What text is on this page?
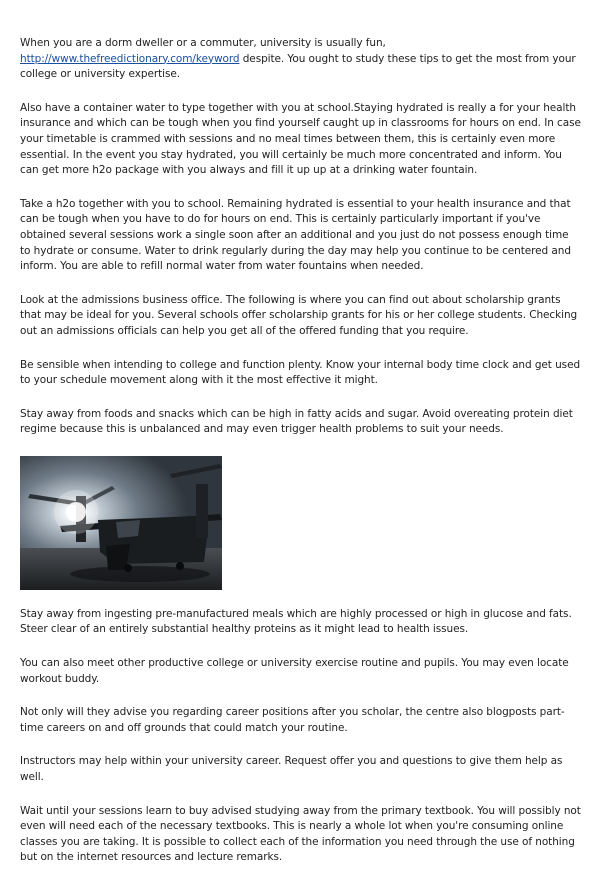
When you are a dorm dweller or a commuter, university is usually fun, http://www.thefreedictionary.com/keyword despite. You ought to study these tips to get the most from your college or university expertise.

Also have a container water to type together with you at school.Staying hydrated is really a for your health insurance and which can be tough when you find yourself caught up in classrooms for hours on end. In case your timetable is crammed with sessions and no meal times between them, this is certainly even more essential. In the event you stay hydrated, you will certainly be much more concentrated and inform. You can get more h2o package with you always and fill it up up at a drinking water fountain.

Take a h2o together with you to school. Remaining hydrated is essential to your health insurance and that can be tough when you have to do for hours on end. This is certainly particularly important if you've obtained several sessions work a single soon after an additional and you just do not possess enough time to hydrate or consume. Water to drink regularly during the day may help you continue to be centered and inform. You are able to refill normal water from water fountains when needed.

Look at the admissions business office. The following is where you can find out about scholarship grants that may be ideal for you. Several schools offer scholarship grants for his or her college students. Checking out an admissions officials can help you get all of the offered funding that you require.

Be sensible when intending to college and function plenty. Know your internal body time clock and get used to your schedule movement along with it the most effective it might.

Stay away from foods and snacks which can be high in fatty acids and sugar. Avoid overeating protein diet regime because this is unbalanced and may even trigger health problems to suit your needs.

Stay away from ingesting pre-manufactured meals which are highly processed or high in glucose and fats. Steer clear of an entirely substantial healthy proteins as it might lead to health issues.

You can also meet other productive college or university exercise routine and pupils. You may even locate workout buddy.

Not only will they advise you regarding career positions after you scholar, the centre also blogposts part-time careers on and off grounds that could match your routine.

Instructors may help within your university career. Request offer you and questions to give them help as well.

Wait until your sessions learn to buy advised studying away from the primary textbook. You will possibly not even will need each of the necessary textbooks. This is nearly a whole lot when you're consuming online classes you are taking. It is possible to collect each of the information you need through the use of nothing but on the internet resources and lecture remarks.
